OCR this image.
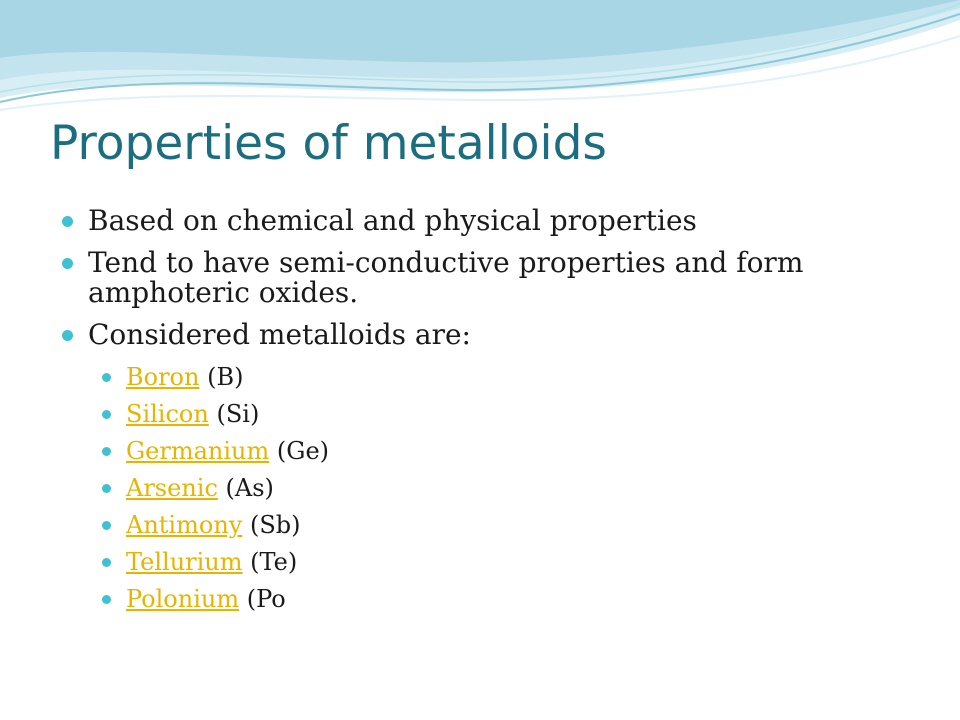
Properties of metalloids
Based on chemical and physical properties
Tend to have semi-conductive properties and form amphoteric oxides.
Considered metalloids are:
Boron (B)
Silicon (Si)
Germanium (Ge)
Arsenic (As)
Antimony (Sb)
Tellurium (Te)
Polonium (Po
